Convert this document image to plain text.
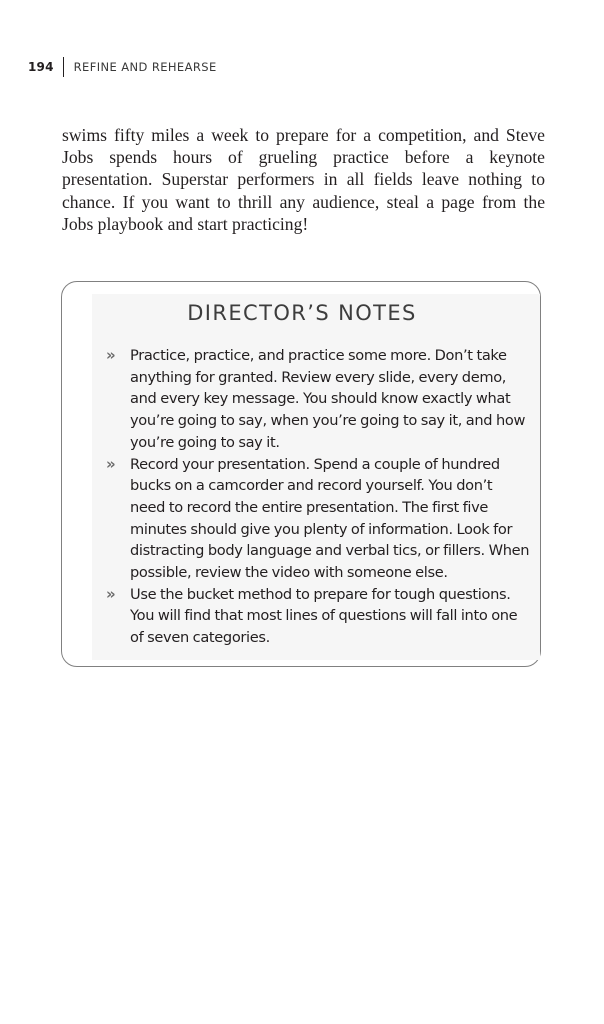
194 REFINE AND REHEARSE

swims fifty miles a week to prepare for a competition, and Steve Jobs spends hours of grueling practice before a keynote presentation. Superstar performers in all fields leave nothing to chance. If you want to thrill any audience, steal a page from the Jobs playbook and start practicing!

DIRECTOR’S NOTES
» Practice, practice, and practice some more. Don’t take anything for granted. Review every slide, every demo, and every key message. You should know exactly what you’re going to say, when you’re going to say it, and how you’re going to say it.
» Record your presentation. Spend a couple of hundred bucks on a camcorder and record yourself. You don’t need to record the entire presentation. The first five minutes should give you plenty of information. Look for distracting body language and verbal tics, or fillers. When possible, review the video with someone else.
» Use the bucket method to prepare for tough questions. You will find that most lines of questions will fall into one of seven categories.
